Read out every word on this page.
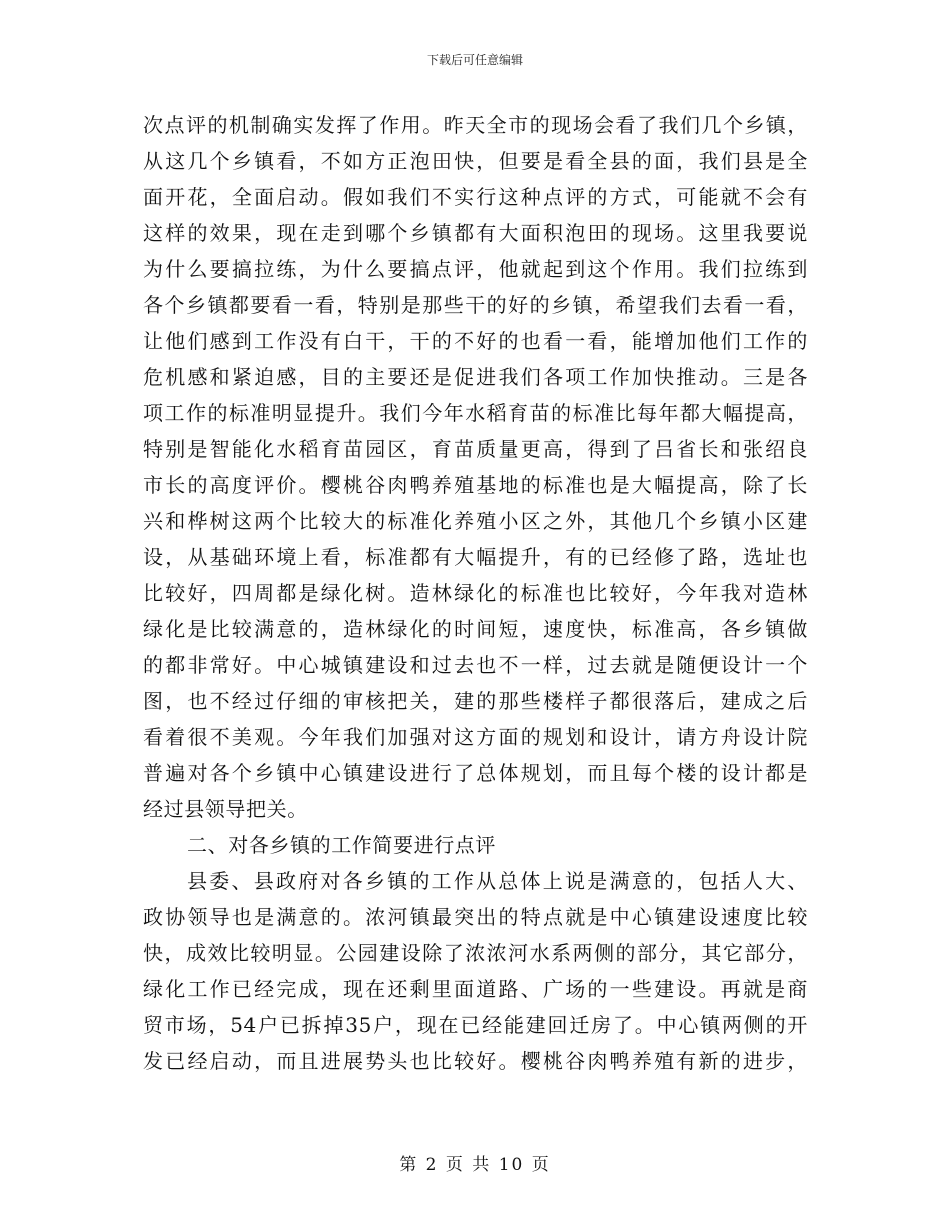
下载后可任意编辑
次点评的机制确实发挥了作用。昨天全市的现场会看了我们几个乡镇，
从这几个乡镇看，不如方正泡田快，但要是看全县的面，我们县是全
面开花，全面启动。假如我们不实行这种点评的方式，可能就不会有
这样的效果，现在走到哪个乡镇都有大面积泡田的现场。这里我要说
为什么要搞拉练，为什么要搞点评，他就起到这个作用。我们拉练到
各个乡镇都要看一看，特别是那些干的好的乡镇，希望我们去看一看，
让他们感到工作没有白干，干的不好的也看一看，能增加他们工作的
危机感和紧迫感，目的主要还是促进我们各项工作加快推动。三是各
项工作的标准明显提升。我们今年水稻育苗的标准比每年都大幅提高，
特别是智能化水稻育苗园区，育苗质量更高，得到了吕省长和张绍良
市长的高度评价。樱桃谷肉鸭养殖基地的标准也是大幅提高，除了长
兴和桦树这两个比较大的标准化养殖小区之外，其他几个乡镇小区建
设，从基础环境上看，标准都有大幅提升，有的已经修了路，选址也
比较好，四周都是绿化树。造林绿化的标准也比较好，今年我对造林
绿化是比较满意的，造林绿化的时间短，速度快，标准高，各乡镇做
的都非常好。中心城镇建设和过去也不一样，过去就是随便设计一个
图，也不经过仔细的审核把关，建的那些楼样子都很落后，建成之后
看着很不美观。今年我们加强对这方面的规划和设计，请方舟设计院
普遍对各个乡镇中心镇建设进行了总体规划，而且每个楼的设计都是
经过县领导把关。
二、对各乡镇的工作简要进行点评
县委、县政府对各乡镇的工作从总体上说是满意的，包括人大、
政协领导也是满意的。浓河镇最突出的特点就是中心镇建设速度比较
快，成效比较明显。公园建设除了浓浓河水系两侧的部分，其它部分，
绿化工作已经完成，现在还剩里面道路、广场的一些建设。再就是商
贸市场，54户已拆掉35户，现在已经能建回迁房了。中心镇两侧的开
发已经启动，而且进展势头也比较好。樱桃谷肉鸭养殖有新的进步，
第 2 页 共 10 页
